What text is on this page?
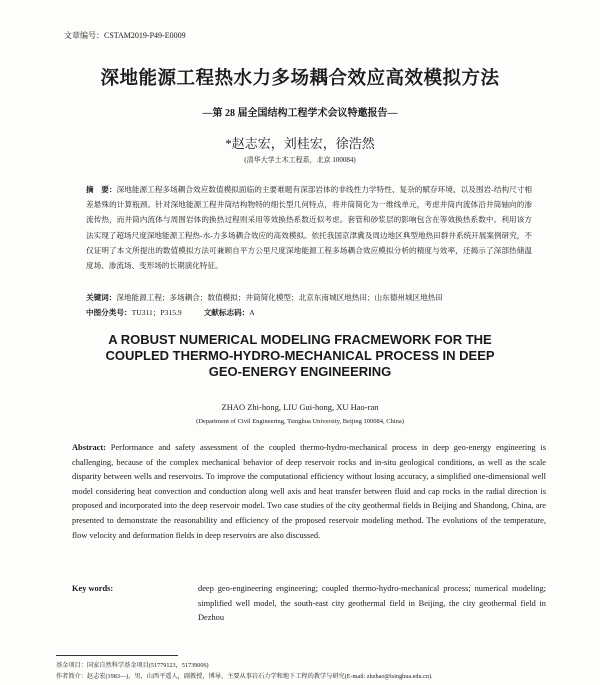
文章编号：CSTAM2019-P49-E0009
深地能源工程热水力多场耦合效应高效模拟方法
—第 28 届全国结构工程学术会议特邀报告—
*赵志宏，刘桂宏，徐浩然
(清华大学土木工程系，北京 100084)
摘　要：深地能源工程多场耦合效应数值模拟面临的主要难题有深部岩体的非线性力学特性、复杂的赋存环境、以及围岩-结构尺寸相差悬殊的计算瓶颈。针对深地能源工程井筒结构物特的细长型几何特点，将井筒简化为一维线单元，考虑井筒内流体沿井筒轴向的渗流传热，而井筒内流体与周围岩体的换热过程则采用等效换热系数近似考虑。套管和砂浆层的影响包含在等效换热系数中。利用该方法实现了超场尺度深地能源工程热-水-力多场耦合效应的高效模拟。依托我国京津冀及周边地区典型地热田群井系统开展案例研究，不仅证明了本文所提出的数值模拟方法可兼顾自平方公里尺度深地能源工程多场耦合效应模拟分析的精度与效率，还揭示了深部热储温度场、渗流场、变形场的长期演化特征。
关键词：深地能源工程；多场耦合；数值模拟；井筒简化模型；北京东南城区地热田；山东德州城区地热田
中图分类号：TU311；P315.9	文献标志码：A
A ROBUST NUMERICAL MODELING FRACMEWORK FOR THE
COUPLED THERMO-HYDRO-MECHANICAL PROCESS IN DEEP
GEO-ENERGY ENGINEERING
ZHAO Zhi-hong, LIU Gui-hong, XU Hao-ran
(Department of Civil Engineering, Tsinghua University, Beijing 100084, China)
Abstract: Performance and safety assessment of the coupled thermo-hydro-mechanical process in deep geo-energy engineering is challenging, because of the complex mechanical behavior of deep reservoir rocks and in-situ geological conditions, as well as the scale disparity between wells and reservoirs. To improve the computational efficiency without losing accuracy, a simplified one-dimensional well model considering heat convection and conduction along well axis and heat transfer between fluid and cap rocks in the radial direction is proposed and incorporated into the deep reservoir model. Two case studies of the city geothermal fields in Beijing and Shandong, China, are presented to demonstrate the reasonability and efficiency of the proposed reservoir modeling method. The evolutions of the temperature, flow velocity and deformation fields in deep reservoirs are also discussed.
Key words:	deep geo-engineering engineering; coupled thermo-hydro-mechanical process; numerical modeling; simplified well model, the south-east city geothermal field in Beijing, the city geothermal field in Dezhou
基金项目：国家自然科学基金项目(51779123，51739006)
作者简介：赵志宏(1983—)，男，山西平遥人，副教授，博导，主要从事岩石力学和地下工程的教学与研究(E-mail: zhzhao@tsinghua.edu.cn).
